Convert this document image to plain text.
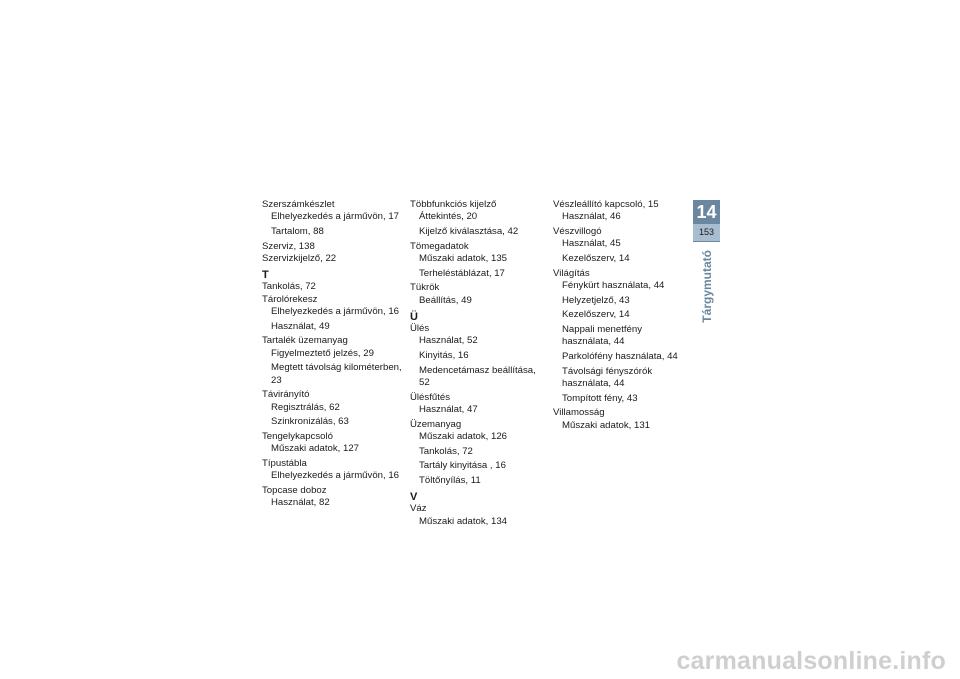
Szerszámkészlet
Elhelyezkedés a járművön, 17
Tartalom, 88
Szerviz, 138
Szervizkijelző, 22
T
Tankolás, 72
Tárolórekesz
Elhelyezkedés a járművön, 16
Használat, 49
Tartalék üzemanyag
Figyelmeztető jelzés, 29
Megtett távolság kilométerben, 23
Távirányító
Regisztrálás, 62
Szinkronizálás, 63
Tengelykapcsoló
Műszaki adatok, 127
Típustábla
Elhelyezkedés a járművön, 16
Topcase doboz
Használat, 82
Többfunkciós kijelző
Áttekintés, 20
Kijelző kiválasztása, 42
Tömegadatok
Műszaki adatok, 135
Terheléstáblázat, 17
Tükrök
Beállítás, 49
Ü
Ülés
Használat, 52
Kinyitás, 16
Medencetámasz beállítása, 52
Ülésfűtés
Használat, 47
Üzemanyag
Műszaki adatok, 126
Tankolás, 72
Tartály kinyitása , 16
Töltőnyílás, 11
V
Váz
Műszaki adatok, 134
Vészleállító kapcsoló, 15
Használat, 46
Vészvillogó
Használat, 45
Kezelőszerv, 14
Világítás
Fénykürt használata, 44
Helyzetjelző, 43
Kezelőszerv, 14
Nappali menetfény használata, 44
Parkolófény használata, 44
Távolsági fényszórók használata, 44
Tompított fény, 43
Villamosság
Műszaki adatok, 131
14
153
Tárgymutató
carmanualsonline.info
